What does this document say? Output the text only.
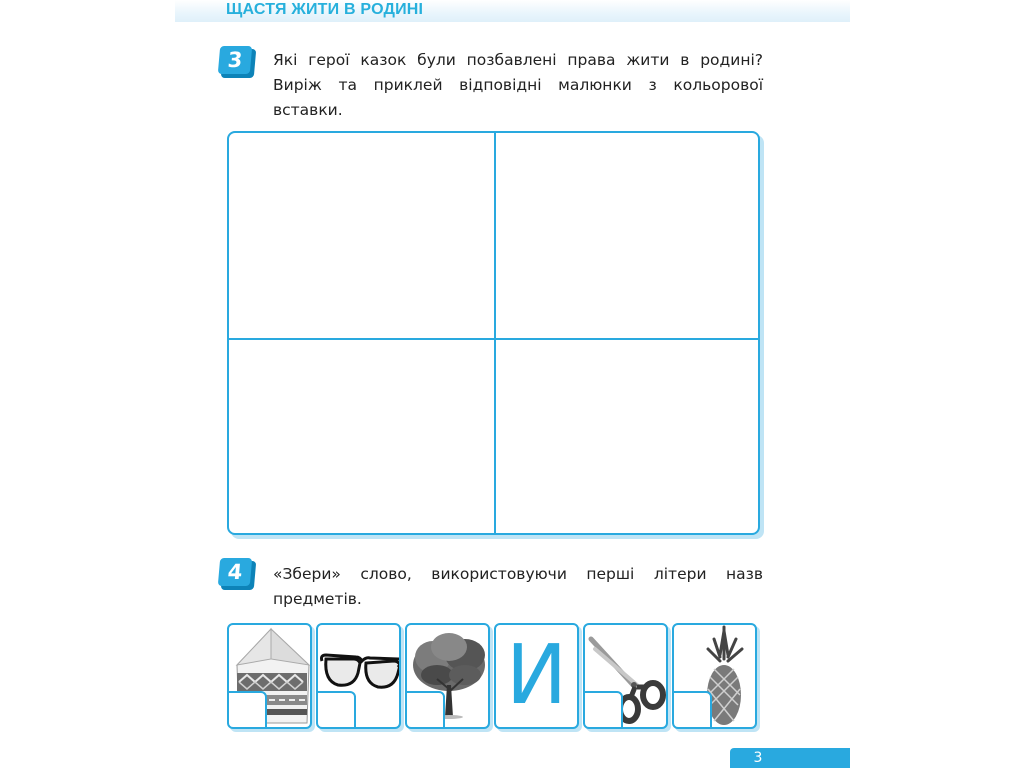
ЩАСТЯ ЖИТИ В РОДИНІ
3	Які герої казок були позбавлені права жити в родині? Виріж та приклей відповідні малюнки з кольорової вставки.
4	«Збери» слово, використовуючи перші літери назв предметів.
И
3
